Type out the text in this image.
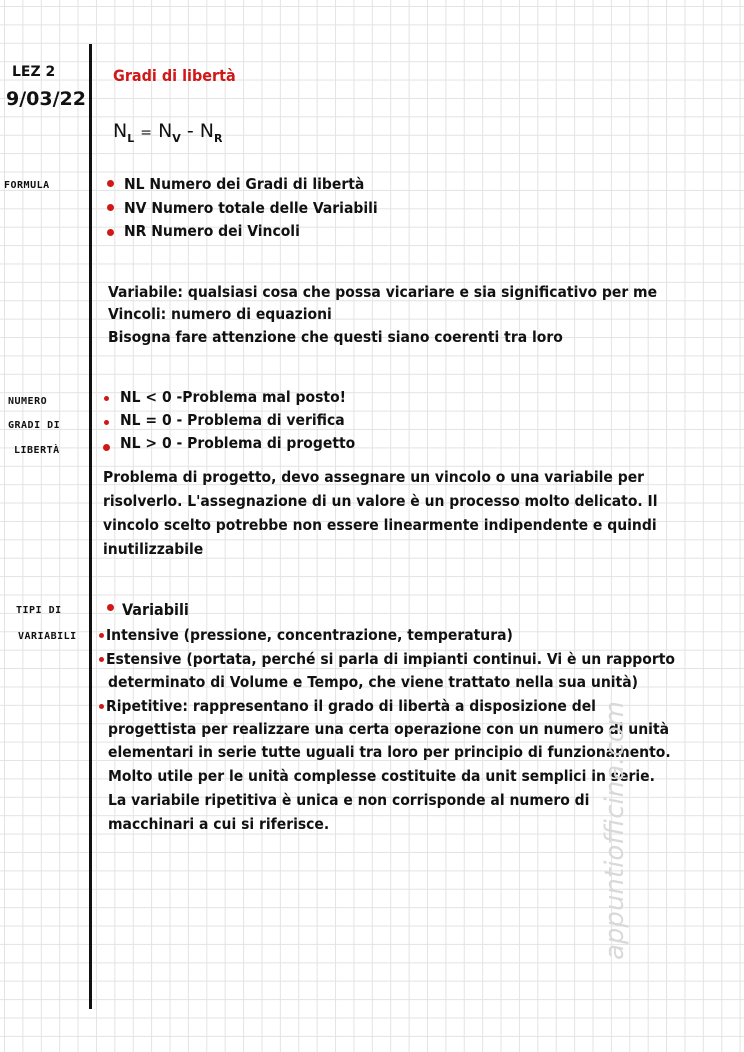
LEZ 2
9/03/22
FORMULA
NUMERO
GRADI DI
LIBERTÀ
TIPI DI
VARIABILI
Gradi di libertà
$N_L = N_V - N_R$
NL Numero dei Gradi di libertà
NV Numero totale delle Variabili
NR Numero dei Vincoli
Variabile: qualsiasi cosa che possa vicariare e sia significativo per me
Vincoli: numero di equazioni
Bisogna fare attenzione che questi siano coerenti tra loro
NL < 0 -Problema mal posto!
NL = 0 - Problema di verifica
NL > 0 - Problema di progetto
Problema di progetto, devo assegnare un vincolo o una variabile per
risolverlo. L'assegnazione di un valore è un processo molto delicato. Il
vincolo scelto potrebbe non essere linearmente indipendente e quindi
inutilizzabile
Variabili
Intensive (pressione, concentrazione, temperatura)
Estensive (portata, perché si parla di impianti continui. Vi è un rapporto
determinato di Volume e Tempo, che viene trattato nella sua unità)
Ripetitive: rappresentano il grado di libertà a disposizione del
progettista per realizzare una certa operazione con un numero di unità
elementari in serie tutte uguali tra loro per principio di funzionamento.
Molto utile per le unità complesse costituite da unit semplici in serie.
La variabile ripetitiva è unica e non corrisponde al numero di
macchinari a cui si riferisce.	appuntiofficina.com
